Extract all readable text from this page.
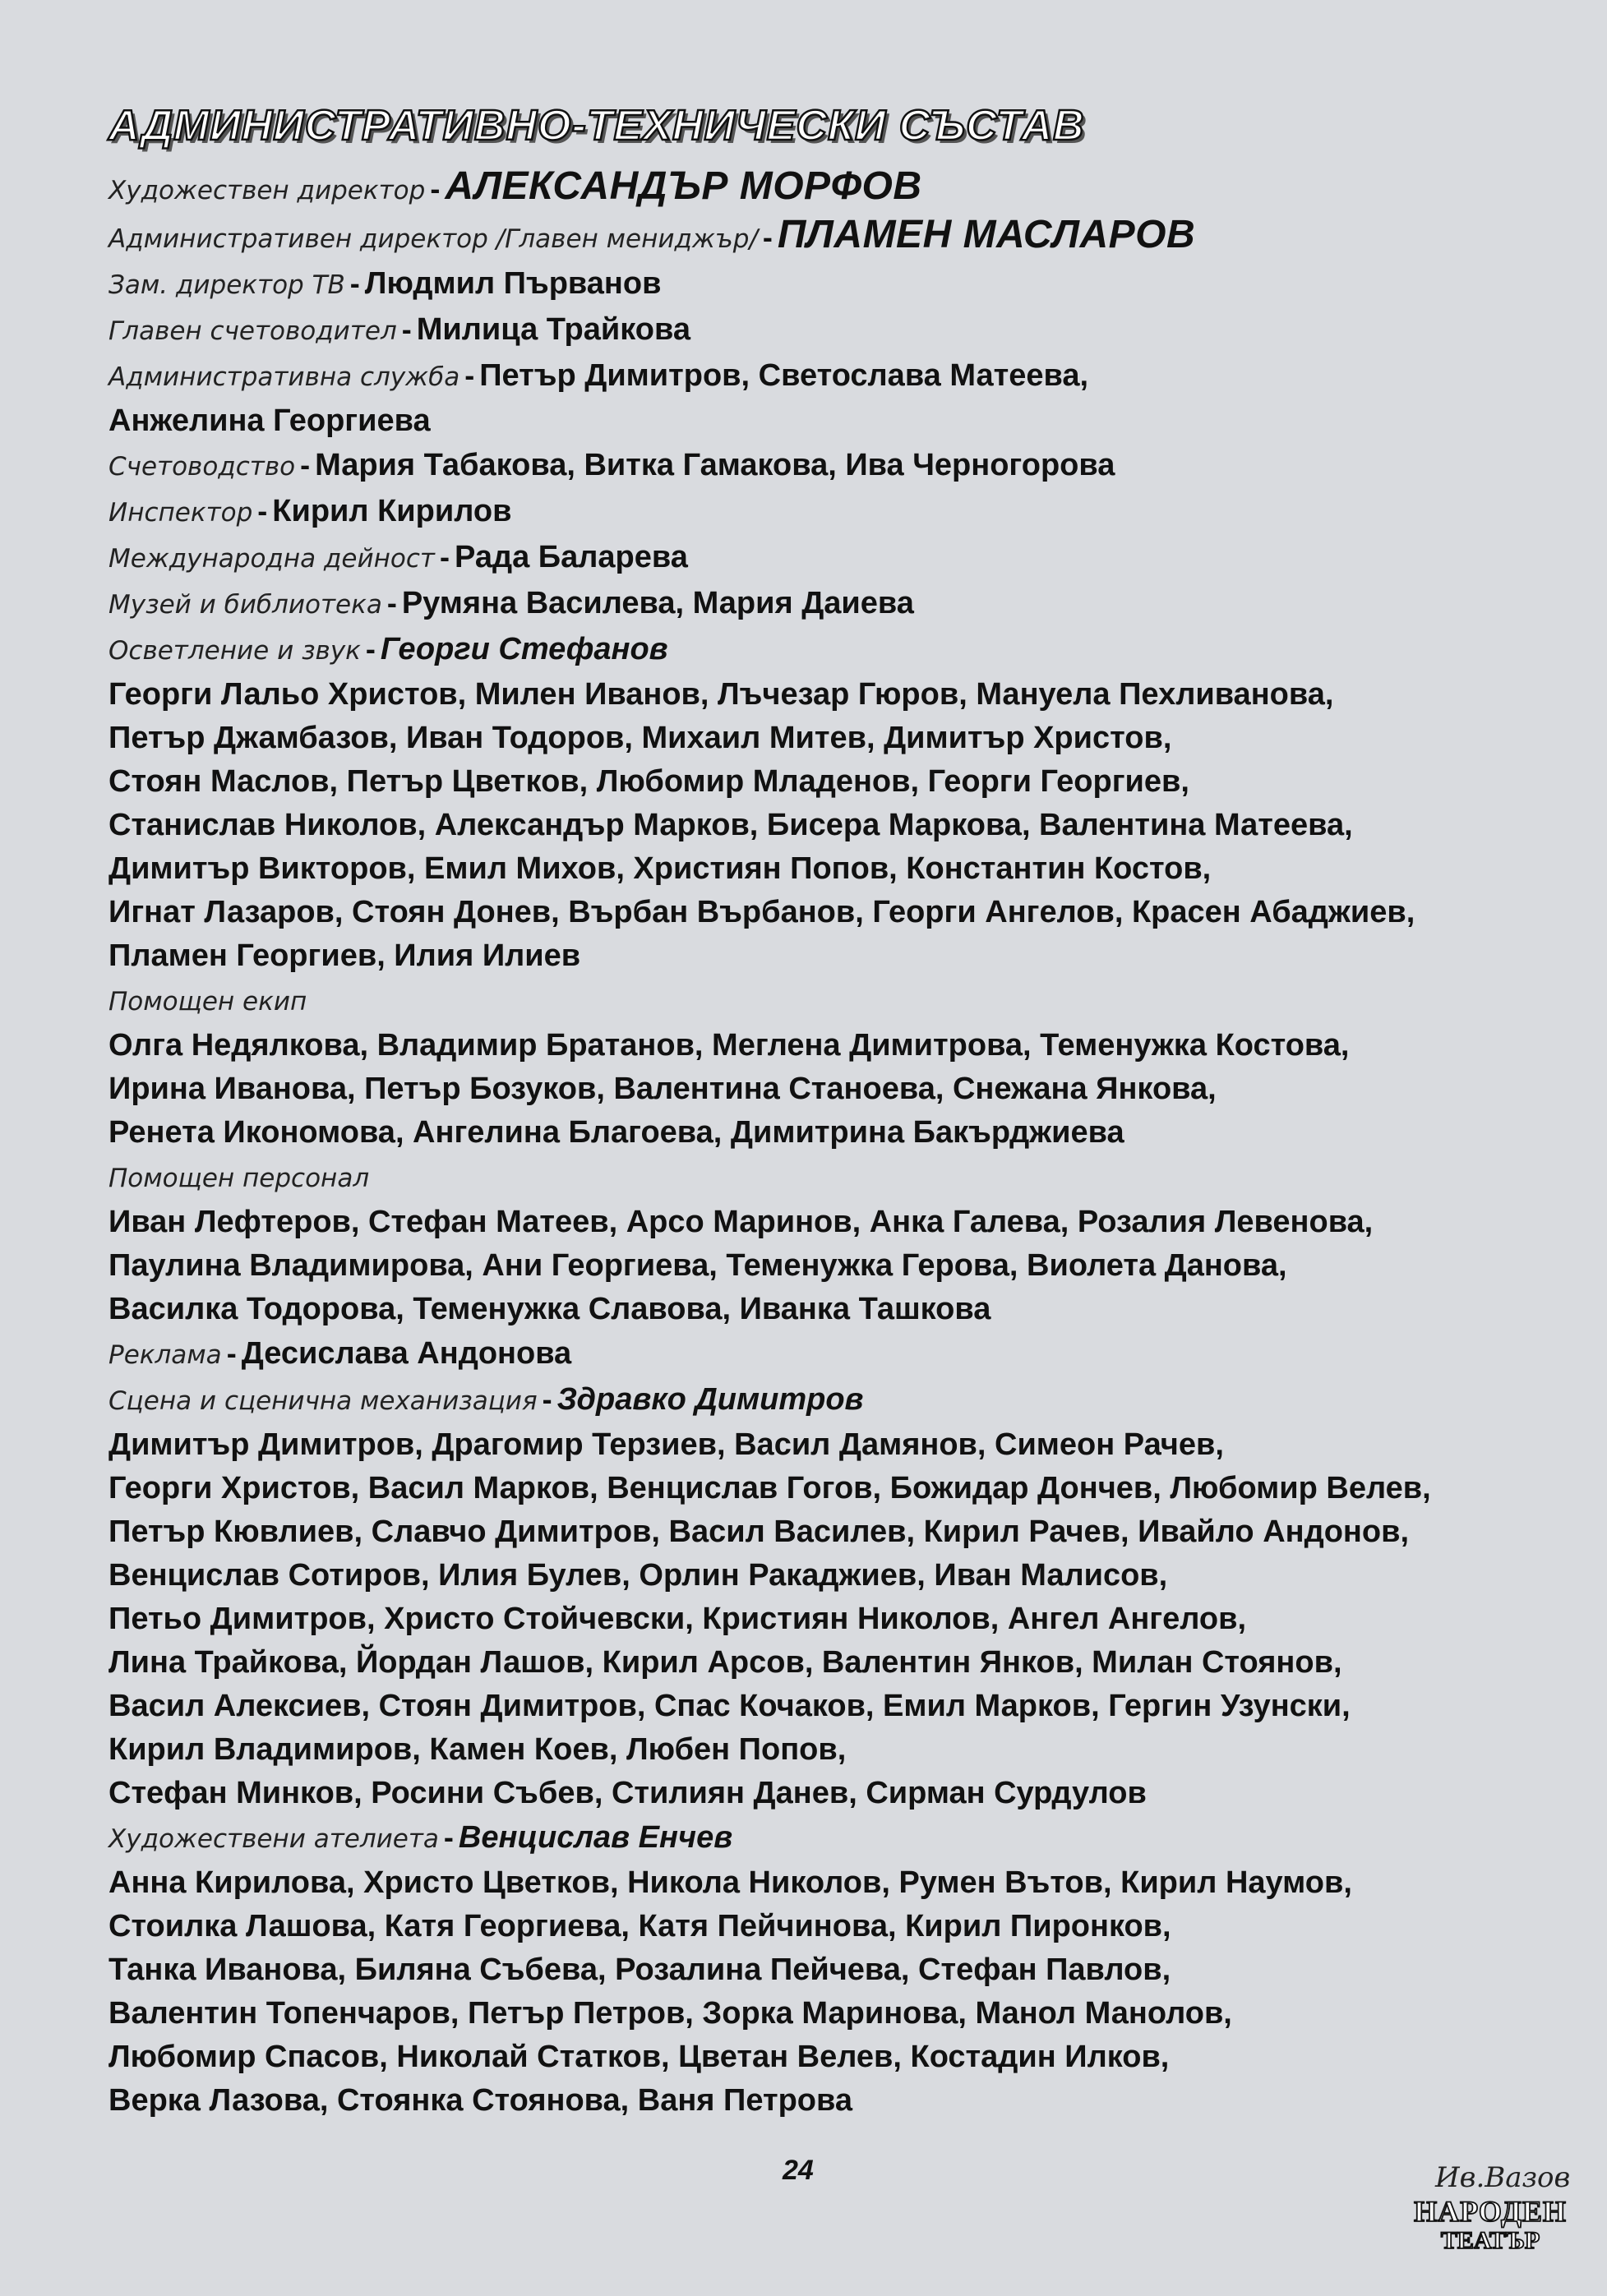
АДМИНИСТРАТИВНО-ТЕХНИЧЕСКИ СЪСТАВ
Художествен директор - АЛЕКСАНДЪР МОРФОВ
Административен директор /Главен мениджър/ - ПЛАМЕН МАСЛАРОВ
Зам. директор ТВ - Людмил Първанов
Главен счетоводител - Милица Трайкова
Административна служба - Петър Димитров, Светослава Матеева,
Анжелина Георгиева
Счетоводство - Мария Табакова, Витка Гамакова, Ива Черногорова
Инспектор - Кирил Кирилов
Международна дейност - Рада Баларева
Музей и библиотека - Румяна Василева, Мария Даиева
Осветление и звук - Георги Стефанов
Георги Лальо Христов, Милен Иванов, Лъчезар Гюров, Мануела Пехливанова,
Петър Джамбазов, Иван Тодоров, Михаил Митев, Димитър Христов,
Стоян Маслов, Петър Цветков, Любомир Младенов, Георги Георгиев,
Станислав Николов, Александър Марков, Бисера Маркова, Валентина Матеева,
Димитър Викторов, Емил Михов, Християн Попов, Константин Костов,
Игнат Лазаров, Стоян Донев, Върбан Върбанов, Георги Ангелов, Красен Абаджиев,
Пламен Георгиев, Илия Илиев
Помощен екип
Олга Недялкова, Владимир Братанов, Меглена Димитрова, Теменужка Костова,
Ирина Иванова, Петър Бозуков, Валентина Станоева, Снежана Янкова,
Ренета Икономова, Ангелина Благоева, Димитрина Бакърджиева
Помощен персонал
Иван Лефтеров, Стефан Матеев, Арсо Маринов, Анка Галева, Розалия Левенова,
Паулина Владимирова, Ани Георгиева, Теменужка Герова, Виолета Данова,
Василка Тодорова, Теменужка Славова, Иванка Ташкова
Реклама - Десислава Андонова
Сцена и сценична механизация - Здравко Димитров
Димитър Димитров, Драгомир Терзиев, Васил Дамянов, Симеон Рачев,
Георги Христов, Васил Марков, Венцислав Гогов, Божидар Дончев, Любомир Велев,
Петър Кювлиев, Славчо Димитров, Васил Василев, Кирил Рачев, Ивайло Андонов,
Венцислав Сотиров, Илия Булев, Орлин Ракаджиев, Иван Малисов,
Петьо Димитров, Христо Стойчевски, Кристиян Николов, Ангел Ангелов,
Лина Трайкова, Йордан Лашов, Кирил Арсов, Валентин Янков, Милан Стоянов,
Васил Алексиев, Стоян Димитров, Спас Кочаков, Емил Марков, Гергин Узунски,
Кирил Владимиров, Камен Коев, Любен Попов,
Стефан Минков, Росини Събев, Стилиян Данев, Сирман Сурдулов
Художествени ателиета - Венцислав Енчев
Анна Кирилова, Христо Цветков, Никола Николов, Румен Вътов, Кирил Наумов,
Стоилка Лашова, Катя Георгиева, Катя Пейчинова, Кирил Пиронков,
Танка Иванова, Биляна Събева, Розалина Пейчева, Стефан Павлов,
Валентин Топенчаров, Петър Петров, Зорка Маринова, Манол Манолов,
Любомир Спасов, Николай Статков, Цветан Велев, Костадин Илков,
Верка Лазова, Стоянка Стоянова, Ваня Петрова
24	Ив.Вазов
НАРОДЕН
ТЕАТЪР
